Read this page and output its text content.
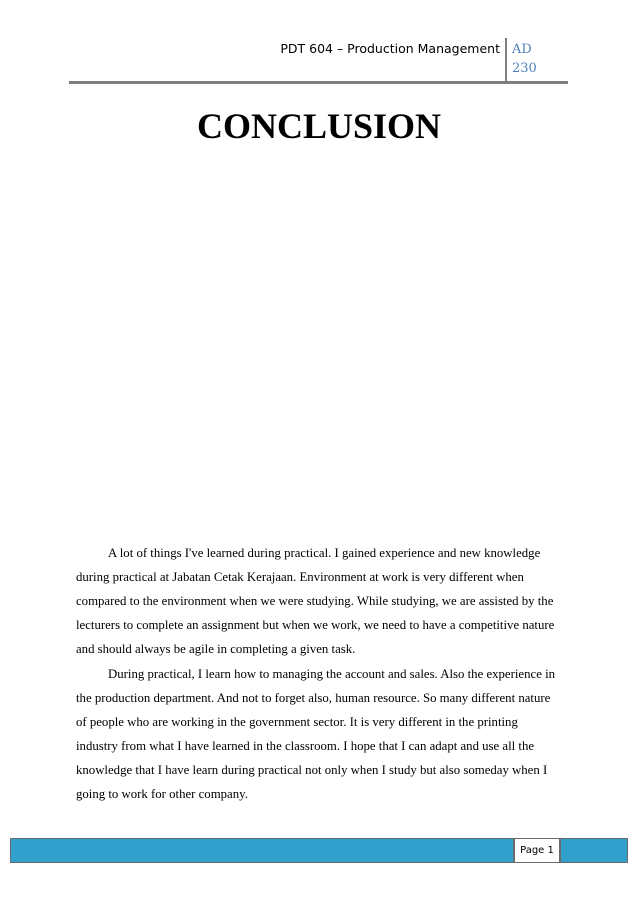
PDT 604 – Production Management AD
230
CONCLUSION
A lot of things I've learned during practical. I gained experience and new knowledge
during practical at Jabatan Cetak Kerajaan. Environment at work is very different when
compared to the environment when we were studying. While studying, we are assisted by the
lecturers to complete an assignment but when we work, we need to have a competitive nature
and should always be agile in completing a given task.
During practical, I learn how to managing the account and sales. Also the experience in
the production department. And not to forget also, human resource. So many different nature
of people who are working in the government sector. It is very different in the printing
industry from what I have learned in the classroom. I hope that I can adapt and use all the
knowledge that I have learn during practical not only when I study but also someday when I
going to work for other company.
Page 1
